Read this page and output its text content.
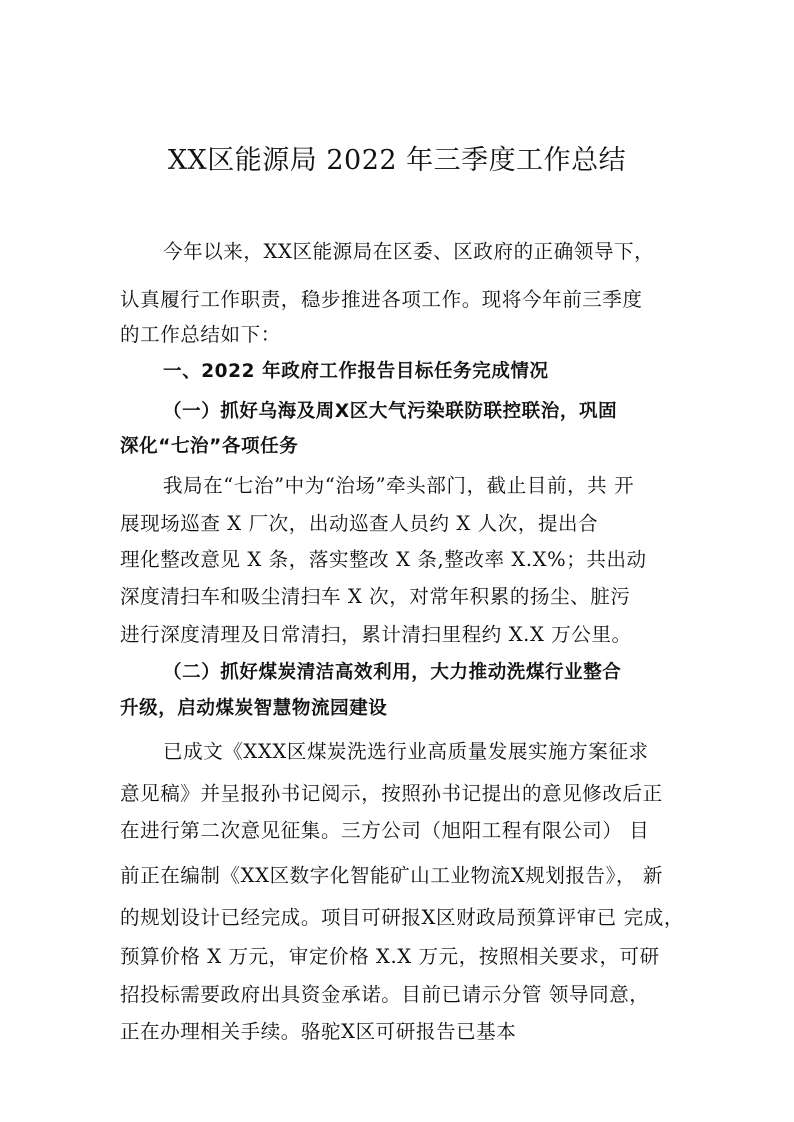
XX区能源局 2022 年三季度工作总结
今年以来，XX区能源局在区委、区政府的正确领导下，
认真履行工作职责，稳步推进各项工作。现将今年前三季度
的工作总结如下：
一、2022 年政府工作报告目标任务完成情况
（一）抓好乌海及周X区大气污染联防联控联治，巩固
深化“七治”各项任务
我局在“七治”中为“治场”牵头部门，截止目前，共 开
展现场巡查 X 厂次，出动巡查人员约 X 人次，提出合
理化整改意见 X 条，落实整改 X 条,整改率 X.X%；共出动
深度清扫车和吸尘清扫车 X 次，对常年积累的扬尘、脏污
进行深度清理及日常清扫，累计清扫里程约 X.X 万公里。
（二）抓好煤炭清洁高效利用，大力推动洗煤行业整合
升级，启动煤炭智慧物流园建设
已成文《XXX区煤炭洗选行业高质量发展实施方案征求
意见稿》并呈报孙书记阅示，按照孙书记提出的意见修改后正
在进行第二次意见征集。三方公司（旭阳工程有限公司） 目
前正在编制《XX区数字化智能矿山工业物流X规划报告》， 新
的规划设计已经完成。项目可研报X区财政局预算评审已 完成，
预算价格 X 万元，审定价格 X.X 万元，按照相关要求，可研
招投标需要政府出具资金承诺。目前已请示分管 领导同意，
正在办理相关手续。骆驼X区可研报告已基本
